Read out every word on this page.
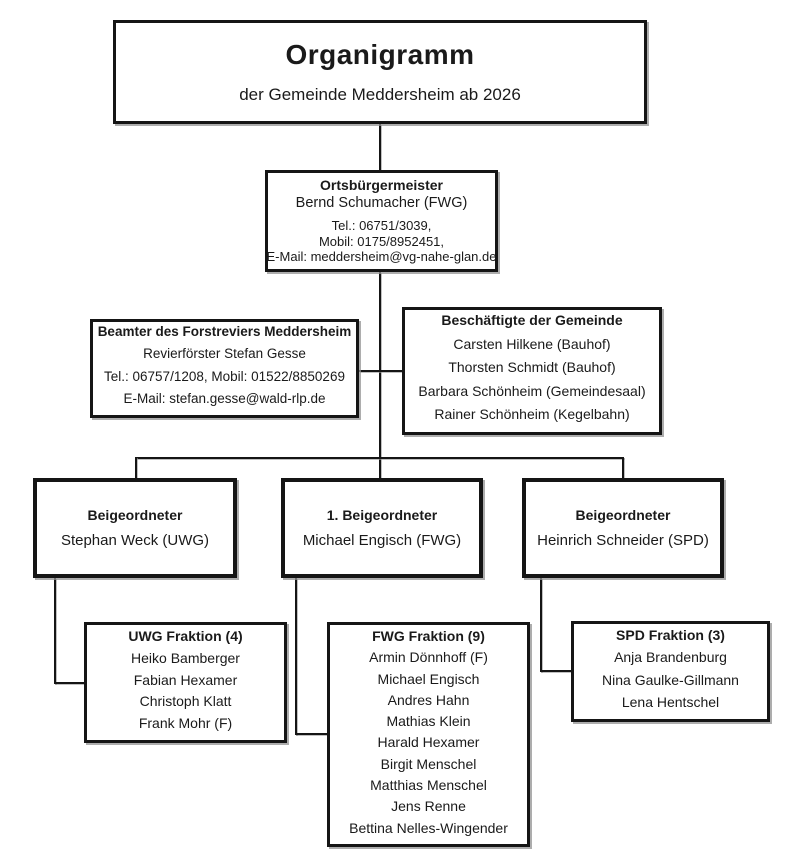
Organigramm
der Gemeinde Meddersheim ab 2026
Ortsbürgermeister
Bernd Schumacher (FWG)
Tel.: 06751/3039,
Mobil: 0175/8952451,
E-Mail: meddersheim@vg-nahe-glan.de
Beamter des Forstreviers Meddersheim
Revierförster Stefan Gesse
Tel.: 06757/1208, Mobil: 01522/8850269
E-Mail: stefan.gesse@wald-rlp.de
Beschäftigte der Gemeinde
Carsten Hilkene (Bauhof)
Thorsten Schmidt (Bauhof)
Barbara Schönheim (Gemeindesaal)
Rainer Schönheim (Kegelbahn)
Beigeordneter
Stephan Weck (UWG)
1. Beigeordneter
Michael Engisch (FWG)
Beigeordneter
Heinrich Schneider (SPD)
UWG Fraktion (4)
Heiko Bamberger
Fabian Hexamer
Christoph Klatt
Frank Mohr (F)
FWG Fraktion (9)
Armin Dönnhoff (F)
Michael Engisch
Andres Hahn
Mathias Klein
Harald Hexamer
Birgit Menschel
Matthias Menschel
Jens Renne
Bettina Nelles-Wingender
SPD Fraktion (3)
Anja Brandenburg
Nina Gaulke-Gillmann
Lena Hentschel
